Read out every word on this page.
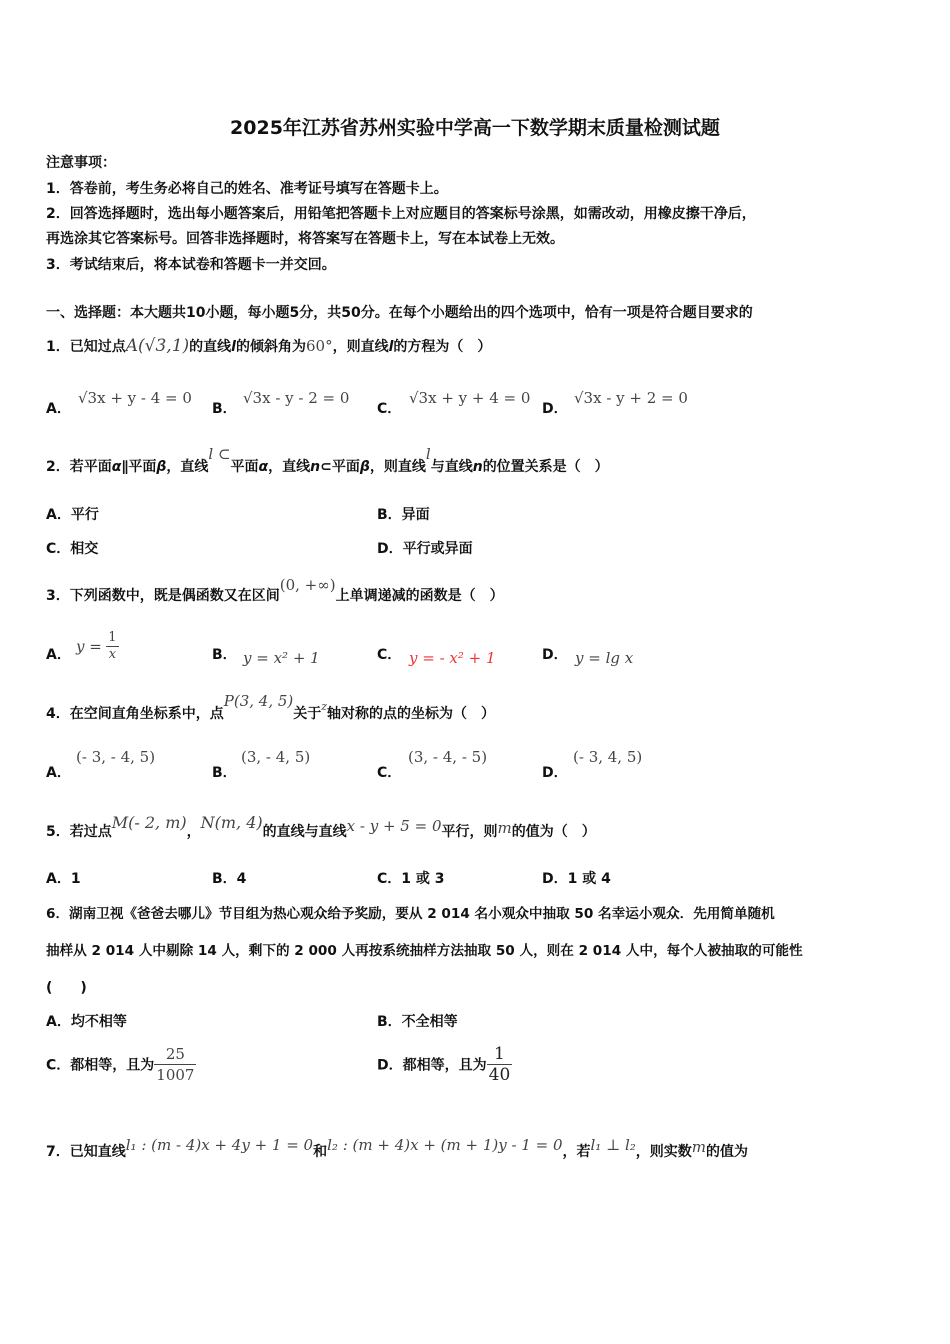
2025年江苏省苏州实验中学高一下数学期末质量检测试题
注意事项：
1．答卷前，考生务必将自己的姓名、准考证号填写在答题卡上。
2．回答选择题时，选出每小题答案后，用铅笔把答题卡上对应题目的答案标号涂黑，如需改动，用橡皮擦干净后，
再选涂其它答案标号。回答非选择题时，将答案写在答题卡上，写在本试卷上无效。
3．考试结束后，将本试卷和答题卡一并交回。
一、选择题：本大题共10小题，每小题5分，共50分。在每个小题给出的四个选项中，恰有一项是符合题目要求的
1．已知过点A(√3,1)的直线l的倾斜角为60°，则直线l的方程为（　）
A．
√3x + y - 4 = 0
B．
√3x - y - 2 = 0
C．
√3x + y + 4 = 0
D．
√3x - y + 2 = 0
2．若平面α∥平面β，直线l ⊂平面α，直线n⊂平面β，则直线l与直线n的位置关系是（　）
A．平行	B．异面
C．相交	D．平行或异面
3．下列函数中，既是偶函数又在区间(0, +∞)上单调递减的函数是（　）
A． $y = \frac{1}{x}$	B． y = x² + 1	C． y = - x² + 1	D． y = lg x
4．在空间直角坐标系中，点P(3, 4, 5)关于$^z$轴对称的点的坐标为（　）
A．
(- 3, - 4, 5)
B．
(3, - 4, 5)
C．
(3, - 4, - 5)
D．
(- 3, 4, 5)
5．若过点M(- 2, m)，N(m, 4)的直线与直线x - y + 5 = 0平行，则m的值为（　）
A．1	B．4	C．1 或 3	D．1 或 4
6．湖南卫视《爸爸去哪儿》节目组为热心观众给予奖励，要从 2 014 名小观众中抽取 50 名幸运小观众．先用简单随机
抽样从 2 014 人中剔除 14 人，剩下的 2 000 人再按系统抽样方法抽取 50 人，则在 2 014 人中，每个人被抽取的可能性
(　　)
A．均不相等	B．不全相等
C．都相等，且为 $\frac{25}{1007}$	D．都相等，且为 $\frac{1}{40}$
7．已知直线l₁ : (m - 4)x + 4y + 1 = 0和l₂ : (m + 4)x + (m + 1)y - 1 = 0，若l₁ ⊥ l₂，则实数m的值为
